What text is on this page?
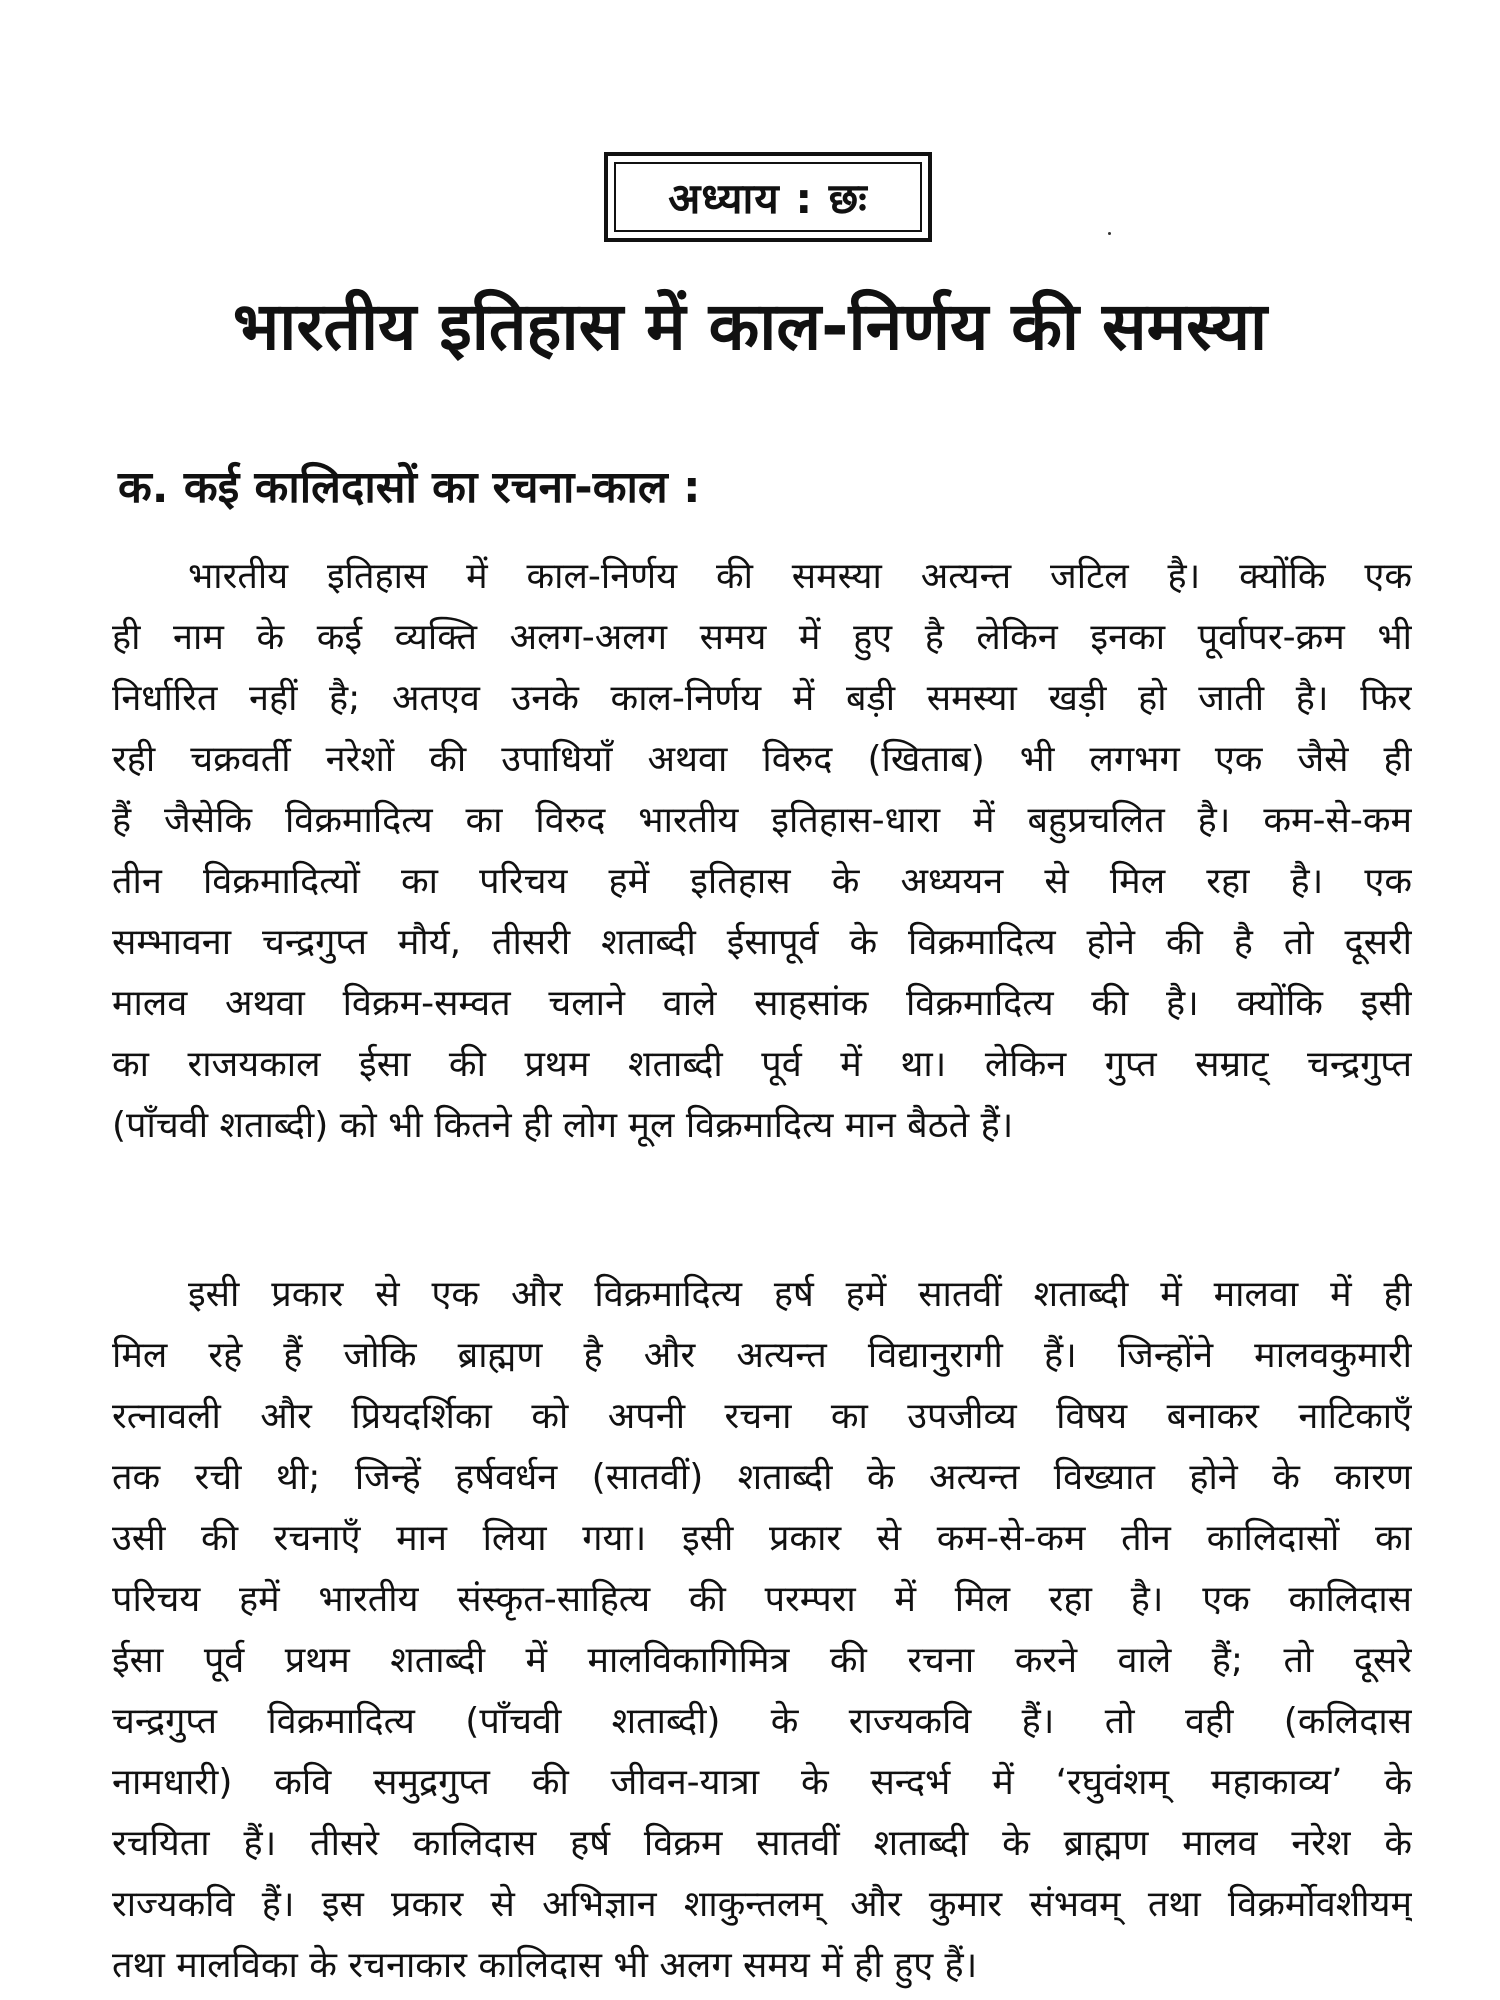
अध्याय : छः
भारतीय इतिहास में काल-निर्णय की समस्या
क. कई कालिदासों का रचना-काल :
भारतीय इतिहास में काल-निर्णय की समस्या अत्यन्त जटिल है। क्योंकि एक
ही नाम के कई व्यक्ति अलग-अलग समय में हुए है लेकिन इनका पूर्वापर-क्रम भी
निर्धारित नहीं है; अतएव उनके काल-निर्णय में बड़ी समस्या खड़ी हो जाती है। फिर
रही चक्रवर्ती नरेशों की उपाधियाँ अथवा विरुद (खिताब) भी लगभग एक जैसे ही
हैं जैसेकि विक्रमादित्य का विरुद भारतीय इतिहास-धारा में बहुप्रचलित है। कम-से-कम
तीन विक्रमादित्यों का परिचय हमें इतिहास के अध्ययन से मिल रहा है। एक
सम्भावना चन्द्रगुप्त मौर्य, तीसरी शताब्दी ईसापूर्व के विक्रमादित्य होने की है तो दूसरी
मालव अथवा विक्रम-सम्वत चलाने वाले साहसांक विक्रमादित्य की है। क्योंकि इसी
का राजयकाल ईसा की प्रथम शताब्दी पूर्व में था। लेकिन गुप्त सम्राट् चन्द्रगुप्त
(पाँचवी शताब्दी) को भी कितने ही लोग मूल विक्रमादित्य मान बैठते हैं।
इसी प्रकार से एक और विक्रमादित्य हर्ष हमें सातवीं शताब्दी में मालवा में ही
मिल रहे हैं जोकि ब्राह्मण है और अत्यन्त विद्यानुरागी हैं। जिन्होंने मालवकुमारी
रत्नावली और प्रियदर्शिका को अपनी रचना का उपजीव्य विषय बनाकर नाटिकाएँ
तक रची थी; जिन्हें हर्षवर्धन (सातवीं) शताब्दी के अत्यन्त विख्यात होने के कारण
उसी की रचनाएँ मान लिया गया। इसी प्रकार से कम-से-कम तीन कालिदासों का
परिचय हमें भारतीय संस्कृत-साहित्य की परम्परा में मिल रहा है। एक कालिदास
ईसा पूर्व प्रथम शताब्दी में मालविकागिमित्र की रचना करने वाले हैं; तो दूसरे
चन्द्रगुप्त विक्रमादित्य (पाँचवी शताब्दी) के राज्यकवि हैं। तो वही (कलिदास
नामधारी) कवि समुद्रगुप्त की जीवन-यात्रा के सन्दर्भ में ‘रघुवंशम् महाकाव्य’ के
रचयिता हैं। तीसरे कालिदास हर्ष विक्रम सातवीं शताब्दी के ब्राह्मण मालव नरेश के
राज्यकवि हैं। इस प्रकार से अभिज्ञान शाकुन्तलम् और कुमार संभवम् तथा विक्रर्मोवशीयम्
तथा मालविका के रचनाकार कालिदास भी अलग समय में ही हुए हैं।
